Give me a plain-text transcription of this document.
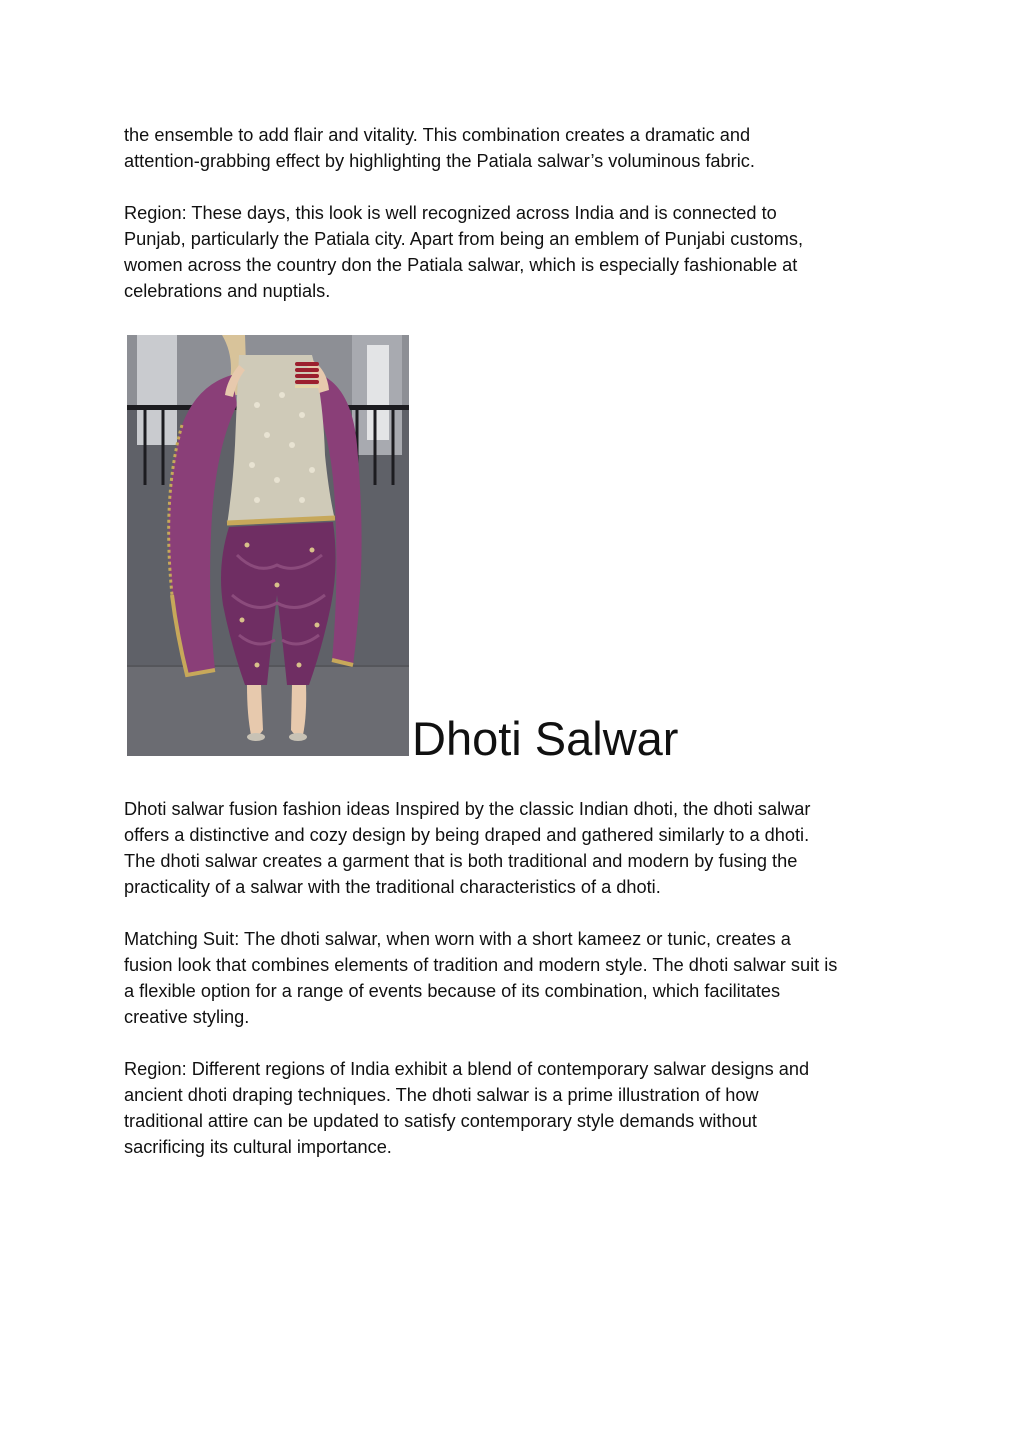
the ensemble to add flair and vitality. This combination creates a dramatic and
attention-grabbing effect by highlighting the Patiala salwar’s voluminous fabric.

Region: These days, this look is well recognized across India and is connected to
Punjab, particularly the Patiala city. Apart from being an emblem of Punjabi customs,
women across the country don the Patiala salwar, which is especially fashionable at
celebrations and nuptials.

Dhoti Salwar

Dhoti salwar fusion fashion ideas Inspired by the classic Indian dhoti, the dhoti salwar
offers a distinctive and cozy design by being draped and gathered similarly to a dhoti.
The dhoti salwar creates a garment that is both traditional and modern by fusing the
practicality of a salwar with the traditional characteristics of a dhoti.

Matching Suit: The dhoti salwar, when worn with a short kameez or tunic, creates a
fusion look that combines elements of tradition and modern style. The dhoti salwar suit is
a flexible option for a range of events because of its combination, which facilitates
creative styling.

Region: Different regions of India exhibit a blend of contemporary salwar designs and
ancient dhoti draping techniques. The dhoti salwar is a prime illustration of how
traditional attire can be updated to satisfy contemporary style demands without
sacrificing its cultural importance.
